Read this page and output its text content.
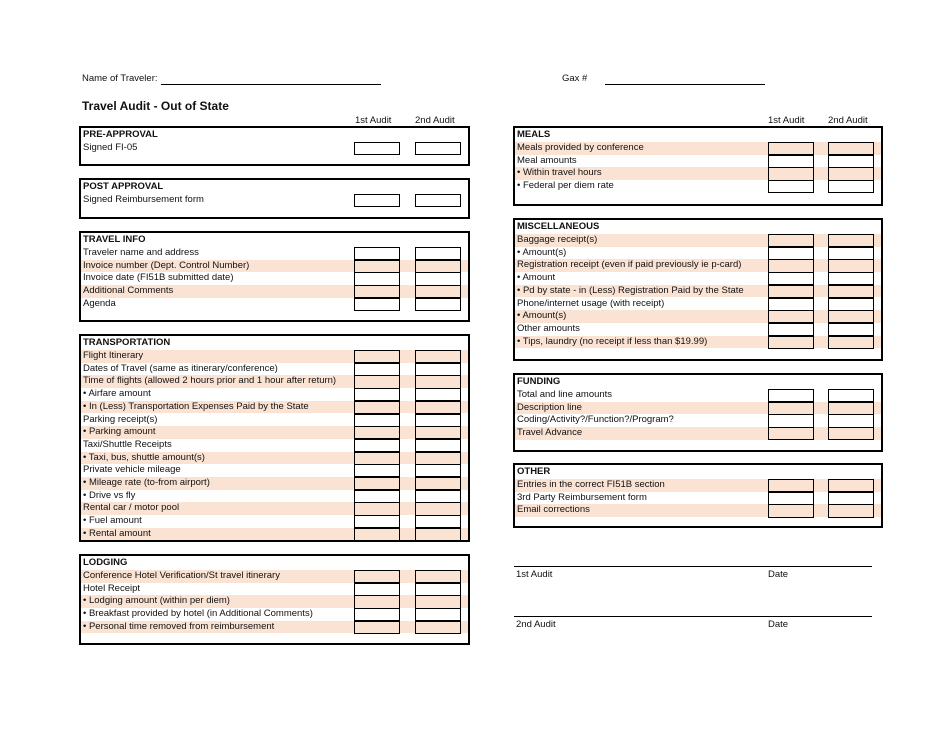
Name of Traveler:	Gax #
Travel Audit - Out of State
1st Audit 2nd Audit	1st Audit 2nd Audit
PRE-APPROVAL
Signed FI-05
POST APPROVAL
Signed Reimbursement form
TRAVEL INFO
Traveler name and address
Invoice number (Dept. Control Number)
Invoice date (FI51B submitted date)
Additional Comments
Agenda
TRANSPORTATION
Flight Itinerary
Dates of Travel (same as itinerary/conference)
Time of flights (allowed 2 hours prior and 1 hour after return)
• Airfare amount
• In (Less) Transportation Expenses Paid by the State
Parking receipt(s)
• Parking amount
Taxi/Shuttle Receipts
• Taxi, bus, shuttle amount(s)
Private vehicle mileage
• Mileage rate (to-from airport)
• Drive vs fly
Rental car / motor pool
• Fuel amount
• Rental amount
LODGING
Conference Hotel Verification/St travel itinerary
Hotel Receipt
• Lodging amount (within per diem)
• Breakfast provided by hotel (in Additional Comments)
• Personal time removed from reimbursement
MEALS
Meals provided by conference
Meal amounts
• Within travel hours
• Federal per diem rate
MISCELLANEOUS
Baggage receipt(s)
• Amount(s)
Registration receipt (even if paid previously ie p-card)
• Amount
• Pd by state - in (Less) Registration Paid by the State
Phone/internet usage (with receipt)
• Amount(s)
Other amounts
• Tips, laundry (no receipt if less than $19.99)
FUNDING
Total and line amounts
Description line
Coding/Activity?/Function?/Program?
Travel Advance
OTHER
Entries in the correct FI51B section
3rd Party Reimbursement form
Email corrections
1st Audit	Date
2nd Audit	Date
